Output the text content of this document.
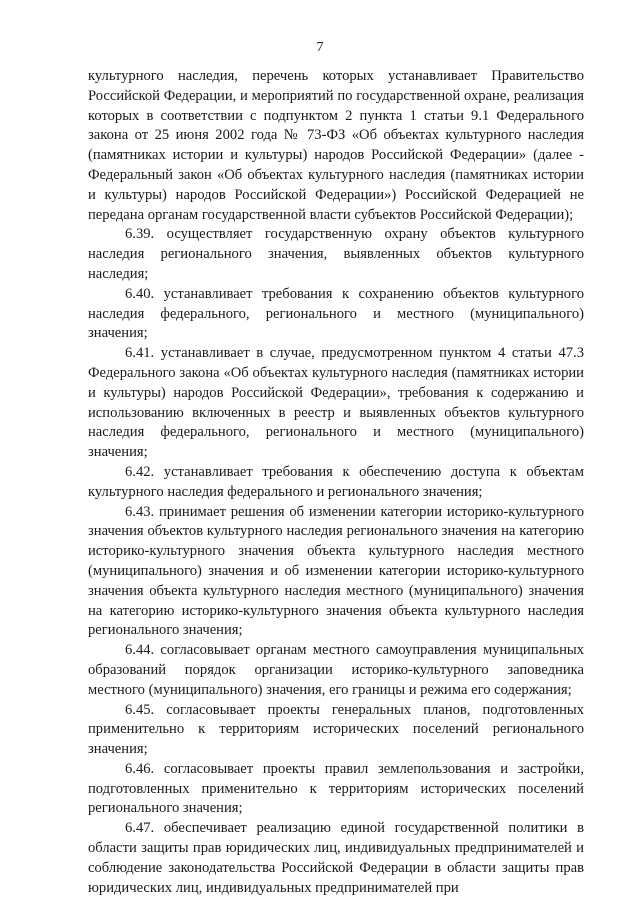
7

культурного наследия, перечень которых устанавливает Правительство Российской Федерации, и мероприятий по государственной охране, реализация которых в соответствии с подпунктом 2 пункта 1 статьи 9.1 Федерального закона от 25 июня 2002 года № 73-ФЗ «Об объектах культурного наследия (памятниках истории и культуры) народов Российской Федерации» (далее - Федеральный закон «Об объектах культурного наследия (памятниках истории и культуры) народов Российской Федерации») Российской Федерацией не передана органам государственной власти субъектов Российской Федерации);

6.39. осуществляет государственную охрану объектов культурного наследия регионального значения, выявленных объектов культурного наследия;

6.40. устанавливает требования к сохранению объектов культурного наследия федерального, регионального и местного (муниципального) значения;

6.41. устанавливает в случае, предусмотренном пунктом 4 статьи 47.3 Федерального закона «Об объектах культурного наследия (памятниках истории и культуры) народов Российской Федерации», требования к содержанию и использованию включенных в реестр и выявленных объектов культурного наследия федерального, регионального и местного (муниципального) значения;

6.42. устанавливает требования к обеспечению доступа к объектам культурного наследия федерального и регионального значения;

6.43. принимает решения об изменении категории историко-культурного значения объектов культурного наследия регионального значения на категорию историко-культурного значения объекта культурного наследия местного (муниципального) значения и об изменении категории историко-культурного значения объекта культурного наследия местного (муниципального) значения на категорию историко-культурного значения объекта культурного наследия регионального значения;

6.44. согласовывает органам местного самоуправления муниципальных образований порядок организации историко-культурного заповедника местного (муниципального) значения, его границы и режима его содержания;

6.45. согласовывает проекты генеральных планов, подготовленных применительно к территориям исторических поселений регионального значения;

6.46. согласовывает проекты правил землепользования и застройки, подготовленных применительно к территориям исторических поселений регионального значения;

6.47. обеспечивает реализацию единой государственной политики в области защиты прав юридических лиц, индивидуальных предпринимателей и соблюдение законодательства Российской Федерации в области защиты прав юридических лиц, индивидуальных предпринимателей при
